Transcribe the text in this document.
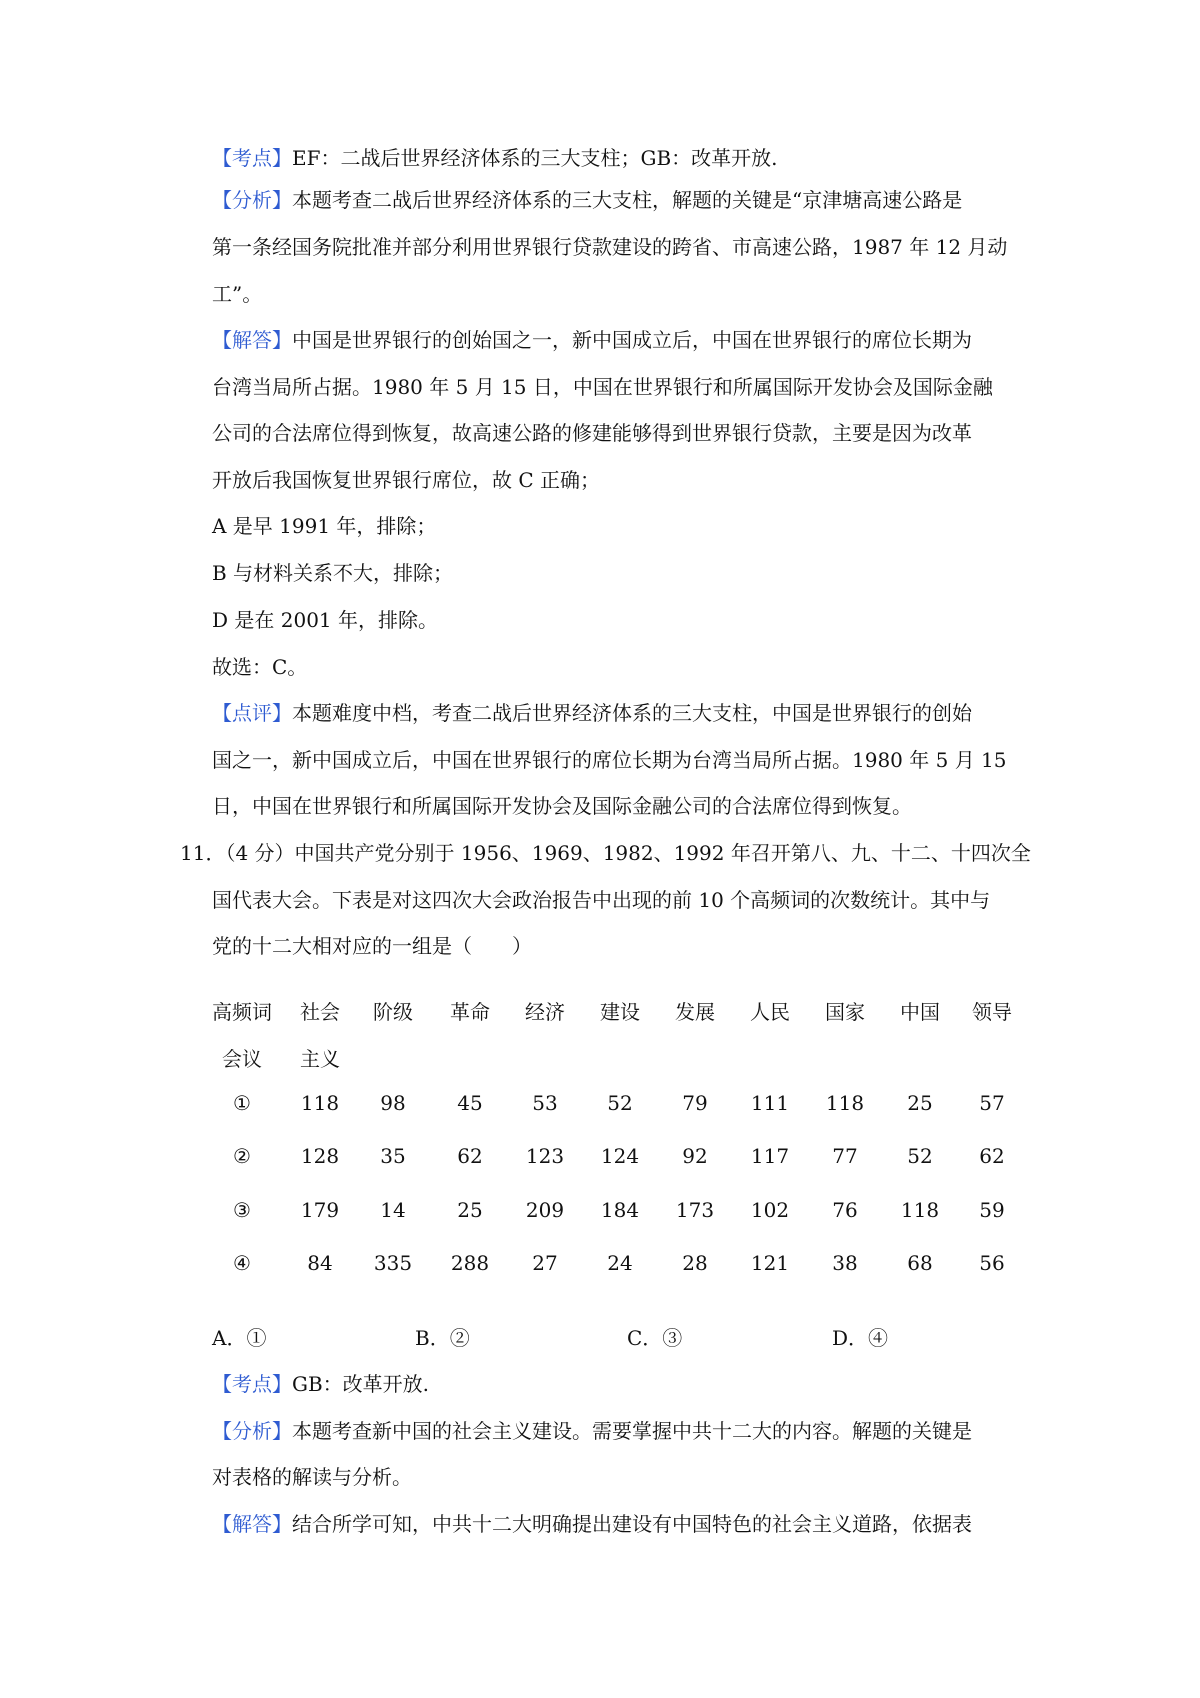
【考点】EF：二战后世界经济体系的三大支柱；GB：改革开放.
【分析】本题考查二战后世界经济体系的三大支柱，解题的关键是“京津塘高速公路是
第一条经国务院批准并部分利用世界银行贷款建设的跨省、市高速公路，1987 年 12 月动
工”。
【解答】中国是世界银行的创始国之一，新中国成立后，中国在世界银行的席位长期为
台湾当局所占据。1980 年 5 月 15 日，中国在世界银行和所属国际开发协会及国际金融
公司的合法席位得到恢复，故高速公路的修建能够得到世界银行贷款，主要是因为改革
开放后我国恢复世界银行席位，故 C 正确；
A 是早 1991 年，排除；
B 与材料关系不大，排除；
D 是在 2001 年，排除。
故选：C。
【点评】本题难度中档，考查二战后世界经济体系的三大支柱，中国是世界银行的创始
国之一，新中国成立后，中国在世界银行的席位长期为台湾当局所占据。1980 年 5 月 15
日，中国在世界银行和所属国际开发协会及国际金融公司的合法席位得到恢复。
11．（4 分）中国共产党分别于 1956、1969、1982、1992 年召开第八、九、十二、十四次全
国代表大会。下表是对这四次大会政治报告中出现的前 10 个高频词的次数统计。其中与
党的十二大相对应的一组是（　　）
高频词	社会	阶级	革命	经济	建设	发展	人民	国家	中国	领导
会议	主义
①	118	98	45	53	52	79	111	118	25	57
②	128	35	62	123	124	92	117	77	52	62
③	179	14	25	209	184	173	102	76	118	59
④	84	335	288	27	24	28	121	38	68	56
A．①	B．②	C．③	D．④
【考点】GB：改革开放.
【分析】本题考查新中国的社会主义建设。需要掌握中共十二大的内容。解题的关键是
对表格的解读与分析。
【解答】结合所学可知，中共十二大明确提出建设有中国特色的社会主义道路，依据表
